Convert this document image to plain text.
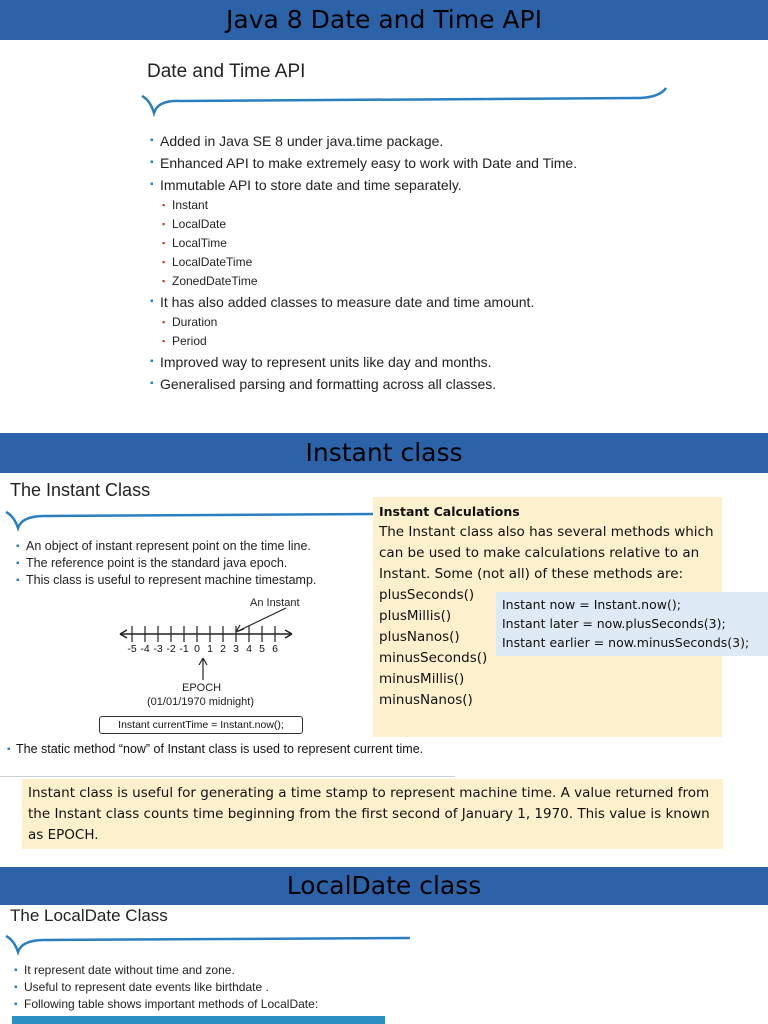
Java 8 Date and Time API
Date and Time API
▪ Added in Java SE 8 under java.time package.
▪ Enhanced API to make extremely easy to work with Date and Time.
▪ Immutable API to store date and time separately.
▪ Instant
▪ LocalDate
▪ LocalTime
▪ LocalDateTime
▪ ZonedDateTime
▪ It has also added classes to measure date and time amount.
▪ Duration
▪ Period
▪ Improved way to represent units like day and months.
▪ Generalised parsing and formatting across all classes.
Instant class
The Instant Class
▪ An object of instant represent point on the time line.
▪ The reference point is the standard java epoch.
▪ This class is useful to represent machine timestamp.
An Instant
-5 -4 -3 -2 -1 0 1 2 3 4 5 6
EPOCH
(01/01/1970 midnight)
Instant currentTime = Instant.now();
▪ The static method “now” of Instant class is used to represent current time.
Instant Calculations
The Instant class also has several methods which can be used to make calculations relative to an Instant. Some (not all) of these methods are:
plusSeconds()
plusMillis()
plusNanos()
minusSeconds()
minusMillis()
minusNanos()
Instant now = Instant.now();
Instant later = now.plusSeconds(3);
Instant earlier = now.minusSeconds(3);
Instant class is useful for generating a time stamp to represent machine time. A value returned from the Instant class counts time beginning from the first second of January 1, 1970. This value is known as EPOCH.
LocalDate class
The LocalDate Class
▪ It represent date without time and zone.
▪ Useful to represent date events like birthdate .
▪ Following table shows important methods of LocalDate:
